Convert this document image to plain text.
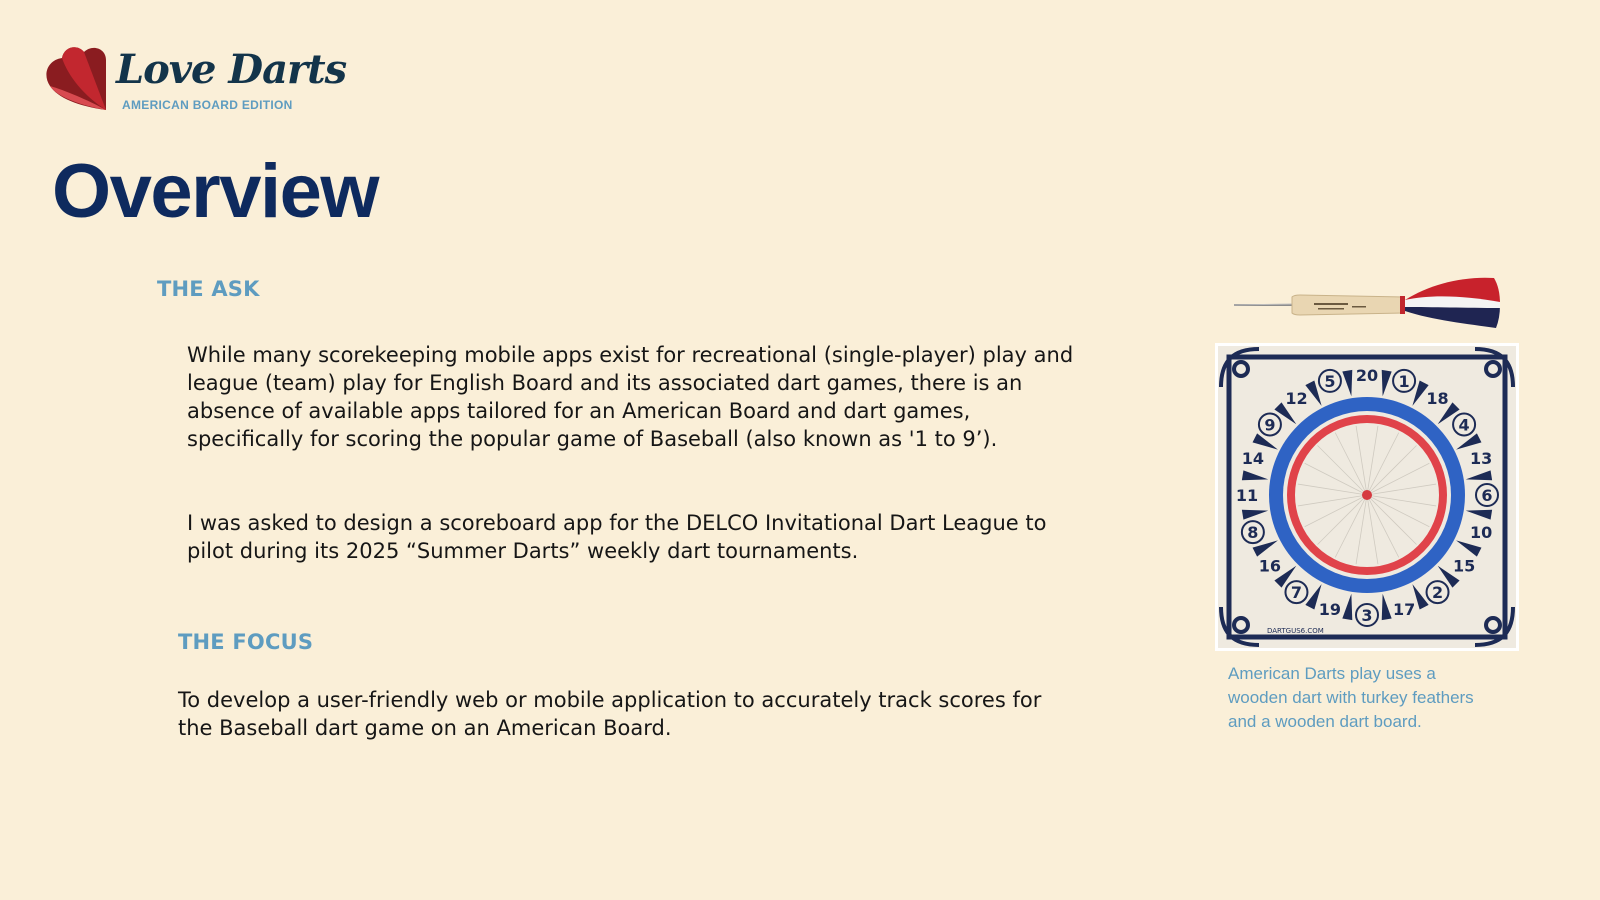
Love Darts
AMERICAN BOARD EDITION
Overview
THE ASK

While many scorekeeping mobile apps exist for recreational (single-player) play and league (team) play for English Board and its associated dart games, there is an absence of available apps tailored for an American Board and dart games, specifically for scoring the popular game of Baseball (also known as '1 to 9’).

I was asked to design a scoreboard app for the DELCO Invitational Dart League to pilot during its 2025 “Summer Darts” weekly dart tournaments.

THE FOCUS

To develop a user-friendly web or mobile application to accurately track scores for the Baseball dart game on an American Board.

20 1
18
4
13
6
10
15
2
17
3
19
7
16
8
11
14
9
12
5
DARTGUS6.COM

American Darts play uses a wooden dart with turkey feathers and a wooden dart board.
